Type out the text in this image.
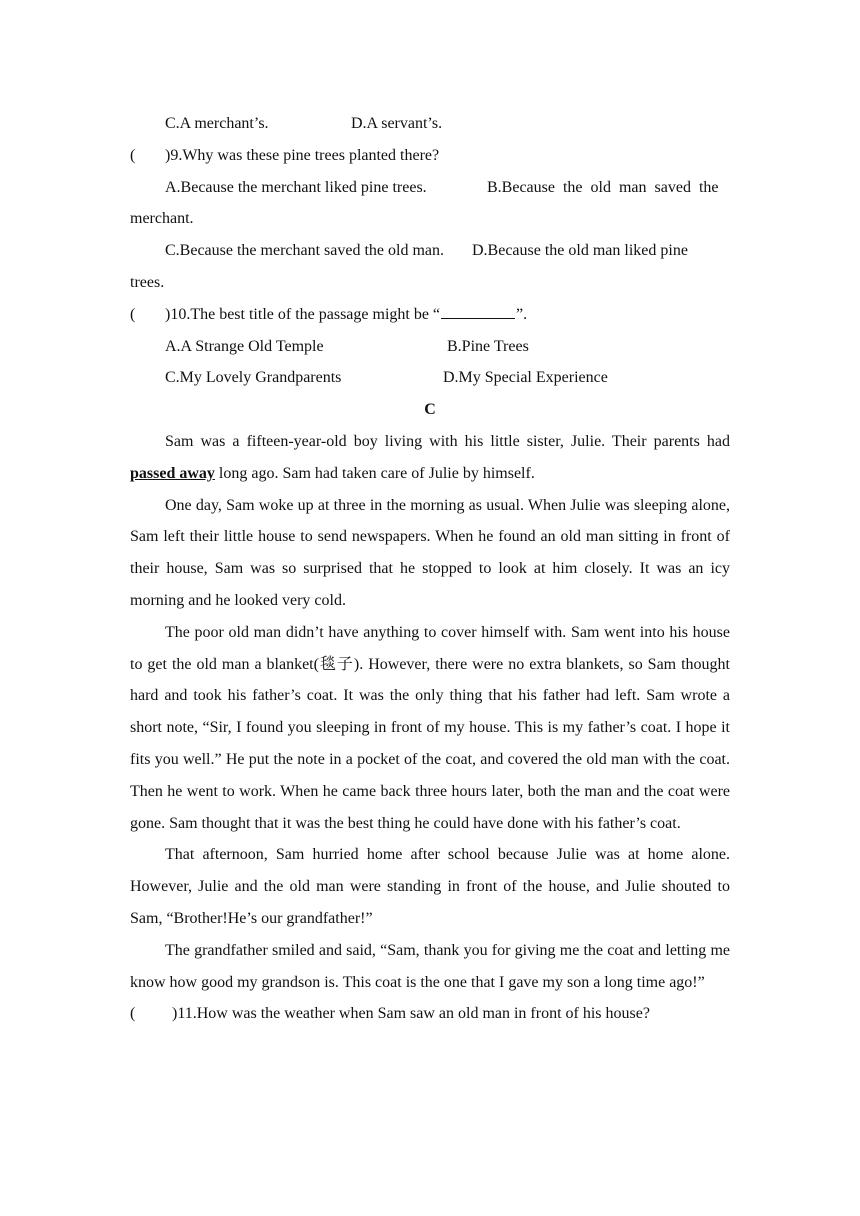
C.A merchant’s.	D.A servant’s.

( )9.Why was these pine trees planted there?

A.Because the merchant liked pine trees.	B.Because the old man saved the

merchant.

C.Because the merchant saved the old man. D.Because the old man liked pine

trees.

( )10.The best title of the passage might be “	”.

A.A Strange Old Temple	B.Pine Trees

C.My Lovely Grandparents	D.My Special Experience

C

Sam was a fifteen-year-old boy living with his little sister, Julie. Their parents had passed away long ago. Sam had taken care of Julie by himself.

One day, Sam woke up at three in the morning as usual. When Julie was sleeping alone, Sam left their little house to send newspapers. When he found an old man sitting in front of their house, Sam was so surprised that he stopped to look at him closely. It was an icy morning and he looked very cold.

The poor old man didn’t have anything to cover himself with. Sam went into his house to get the old man a blanket(毯子). However, there were no extra blankets, so Sam thought hard and took his father’s coat. It was the only thing that his father had left. Sam wrote a short note, “Sir, I found you sleeping in front of my house. This is my father’s coat. I hope it fits you well.” He put the note in a pocket of the coat, and covered the old man with the coat. Then he went to work. When he came back three hours later, both the man and the coat were gone. Sam thought that it was the best thing he could have done with his father’s coat.

That afternoon, Sam hurried home after school because Julie was at home alone. However, Julie and the old man were standing in front of the house, and Julie shouted to Sam, “Brother!He’s our grandfather!”

The grandfather smiled and said, “Sam, thank you for giving me the coat and letting me know how good my grandson is. This coat is the one that I gave my son a long time ago!”

( )11.How was the weather when Sam saw an old man in front of his house?
